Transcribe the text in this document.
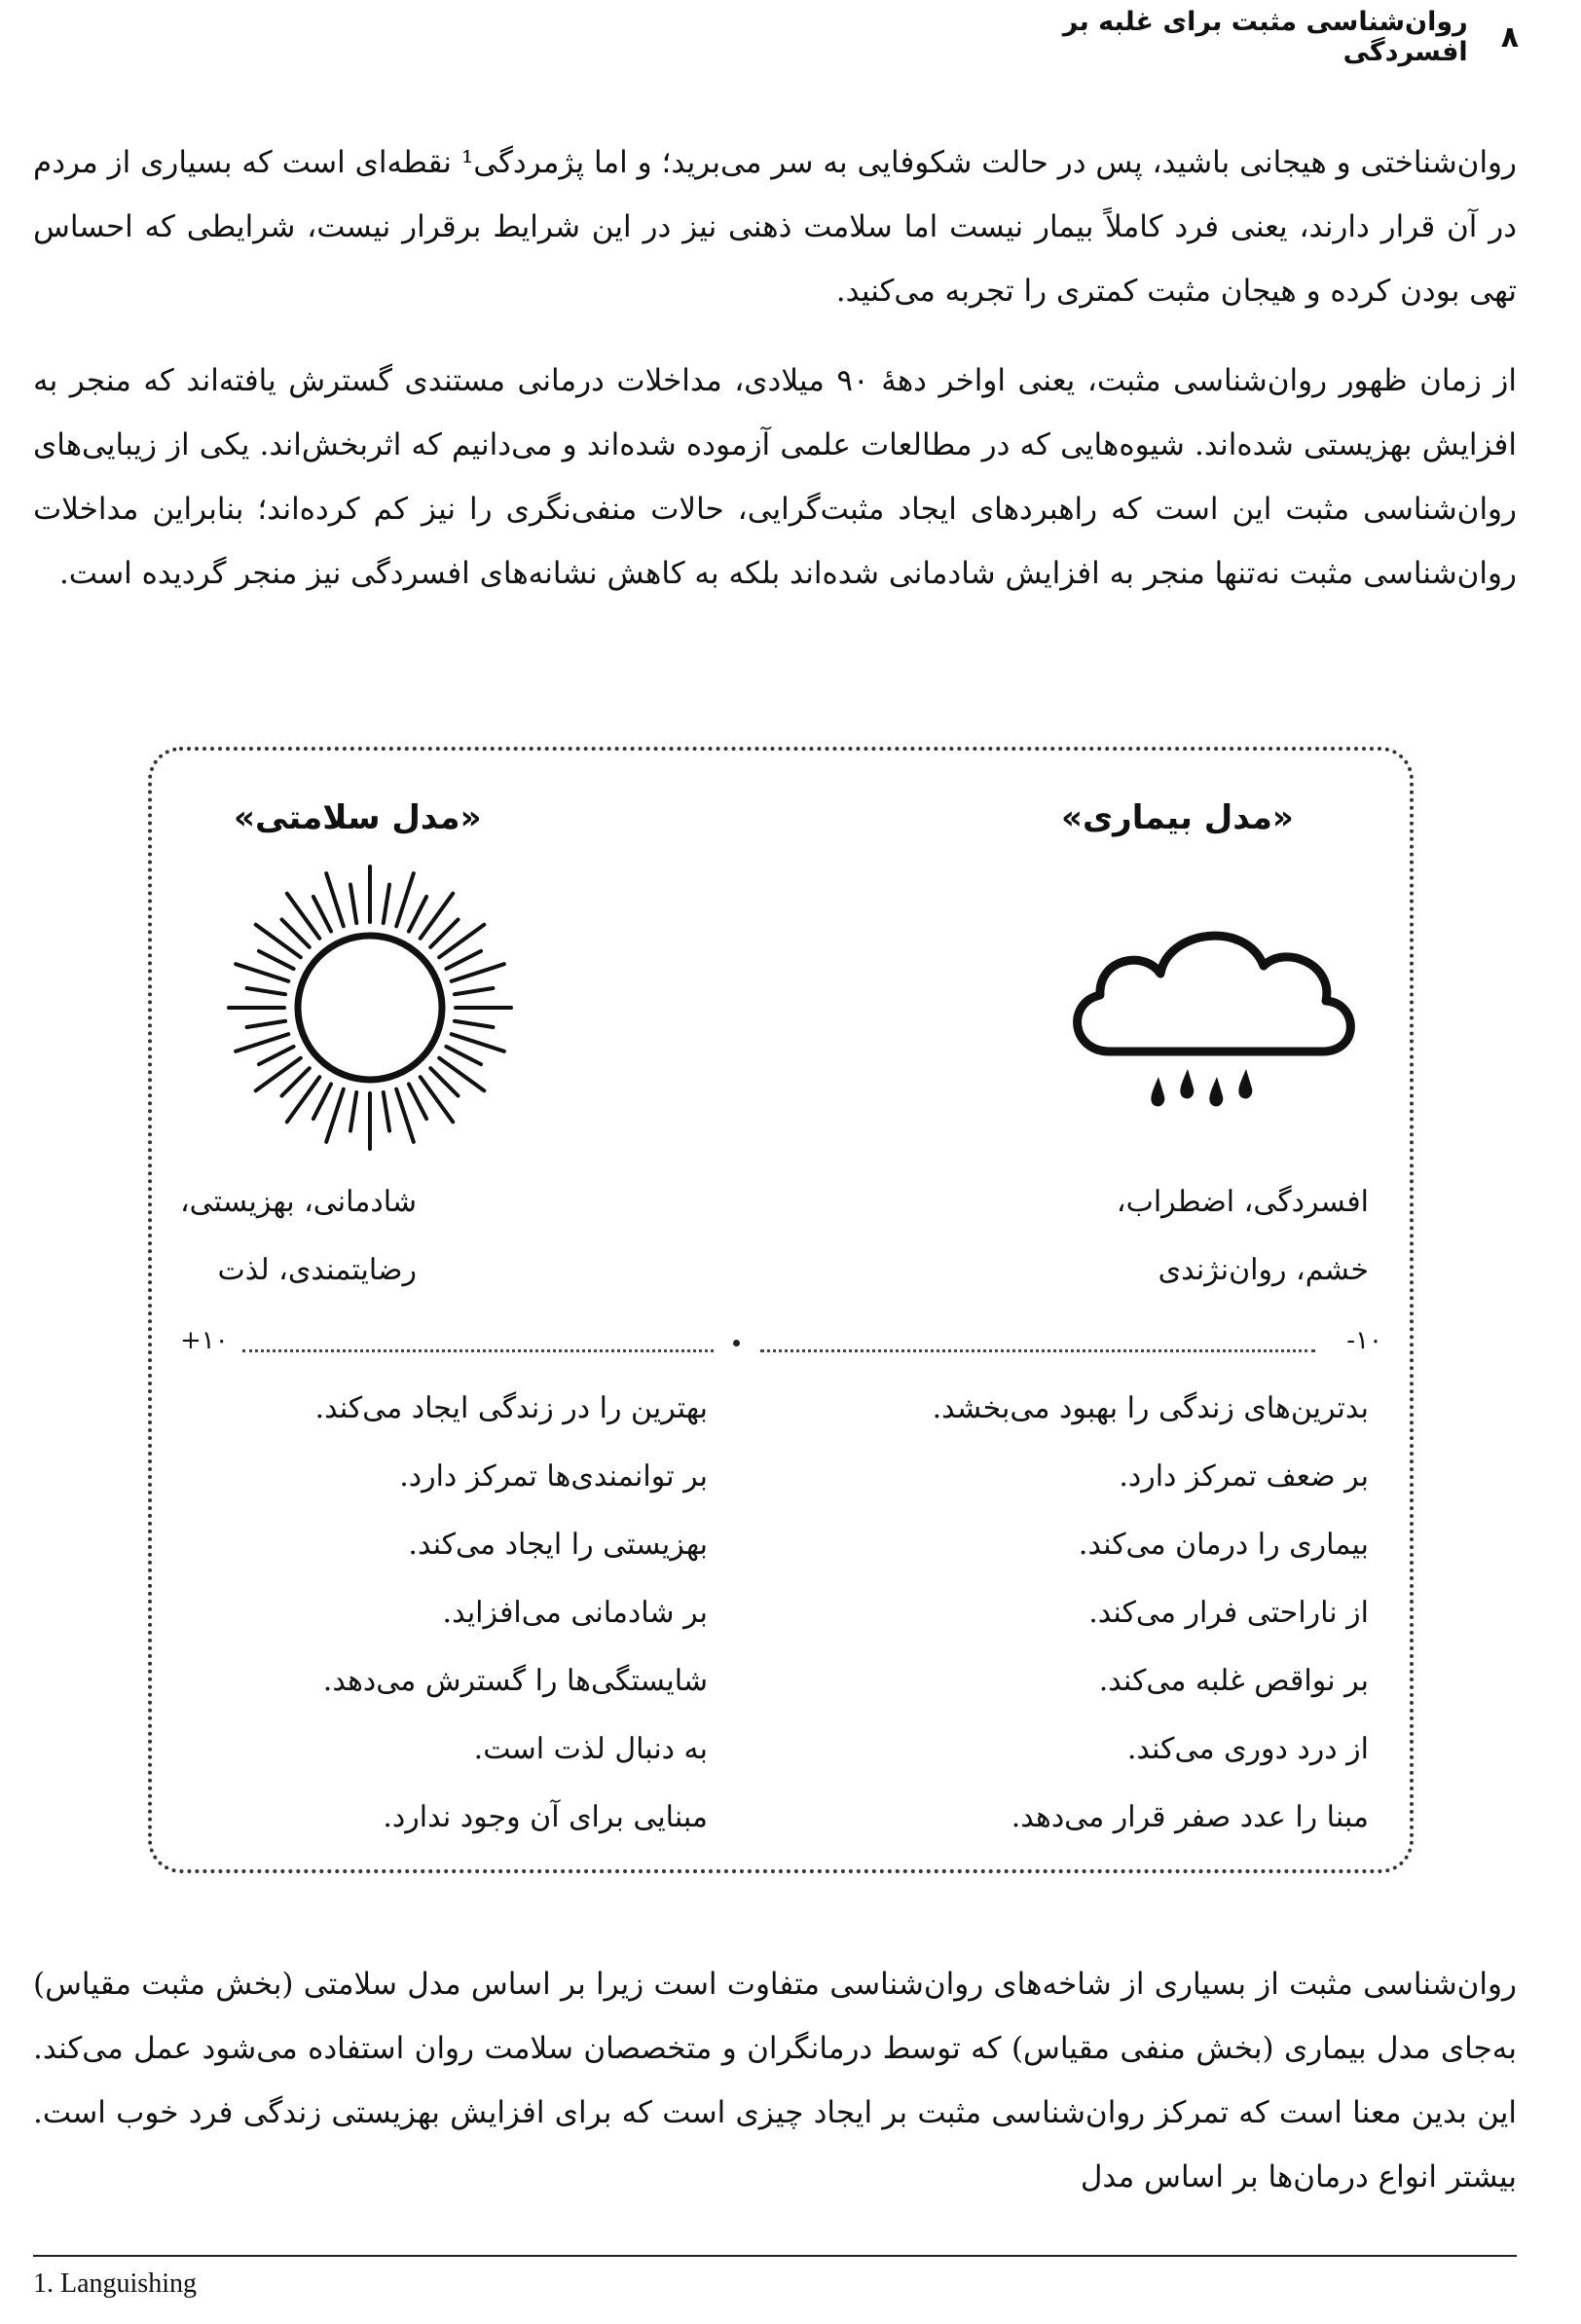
۸
روان‌شناسی مثبت برای غلبه بر افسردگی
روان‌شناختی و هیجانی باشید، پس در حالت شکوفایی به سر می‌برید؛ و اما پژمردگی¹ نقطه‌ای است که بسیاری از مردم در آن قرار دارند، یعنی فرد کاملاً بیمار نیست اما سلامت ذهنی نیز در این شرایط برقرار نیست، شرایطی که احساس تهی بودن کرده و هیجان مثبت کمتری را تجربه می‌کنید.
از زمان ظهور روان‌شناسی مثبت، یعنی اواخر دهۀ ۹۰ میلادی، مداخلات درمانی مستندی گسترش یافته‌اند که منجر به افزایش بهزیستی شده‌اند. شیوه‌هایی که در مطالعات علمی آزموده شده‌اند و می‌دانیم که اثربخش‌اند. یکی از زیبایی‌های روان‌شناسی مثبت این است که راهبردهای ایجاد مثبت‌گرایی، حالات منفی‌نگری را نیز کم کرده‌اند؛ بنابراین مداخلات روان‌شناسی مثبت نه‌تنها منجر به افزایش شادمانی شده‌اند بلکه به کاهش نشانه‌های افسردگی نیز منجر گردیده است.
«مدل بیماری»
«مدل سلامتی»
افسردگی، اضطراب،
خشم، روان‌نژندی
شادمانی، بهزیستی،
رضایتمندی، لذت
+۱۰	-۱۰
بدترین‌های زندگی را بهبود می‌بخشد.
بر ضعف تمرکز دارد.
بیماری را درمان می‌کند.
از ناراحتی فرار می‌کند.
بر نواقص غلبه می‌کند.
از درد دوری می‌کند.
مبنا را عدد صفر قرار می‌دهد.
بهترین را در زندگی ایجاد می‌کند.
بر توانمندی‌ها تمرکز دارد.
بهزیستی را ایجاد می‌کند.
بر شادمانی می‌افزاید.
شایستگی‌ها را گسترش می‌دهد.
به دنبال لذت است.
مبنایی برای آن وجود ندارد.
روان‌شناسی مثبت از بسیاری از شاخه‌های روان‌شناسی متفاوت است زیرا بر اساس مدل سلامتی (بخش مثبت مقیاس) به‌جای مدل بیماری (بخش منفی مقیاس) که توسط درمانگران و متخصصان سلامت روان استفاده می‌شود عمل می‌کند. این بدین معنا است که تمرکز روان‌شناسی مثبت بر ایجاد چیزی است که برای افزایش بهزیستی زندگی فرد خوب است. بیشتر انواع درمان‌ها بر اساس مدل
1. Languishing
